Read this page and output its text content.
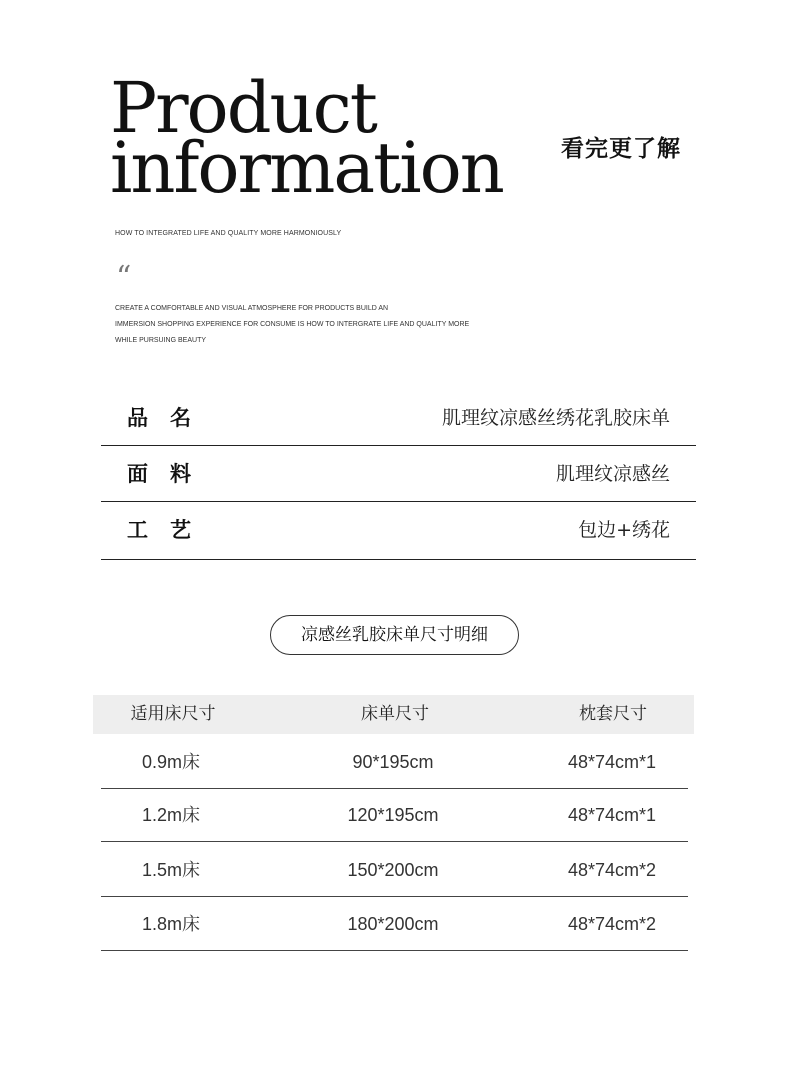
Product
information	看完更了解
HOW TO INTEGRATED LIFE AND QUALITY MORE HARMONIOUSLY
“
CREATE A COMFORTABLE AND VISUAL ATMOSPHERE FOR PRODUCTS BUILD AN
IMMERSION SHOPPING EXPERIENCE FOR CONSUME IS HOW TO INTERGRATE LIFE AND QUALITY MORE
WHILE PURSUING BEAUTY
品名	肌理纹凉感丝绣花乳胶床单
面料	肌理纹凉感丝
工艺	包边+绣花
凉感丝乳胶床单尺寸明细
适用床尺寸	床单尺寸	枕套尺寸
0.9m床	90*195cm	48*74cm*1
1.2m床	120*195cm	48*74cm*1
1.5m床	150*200cm	48*74cm*2
1.8m床	180*200cm	48*74cm*2
